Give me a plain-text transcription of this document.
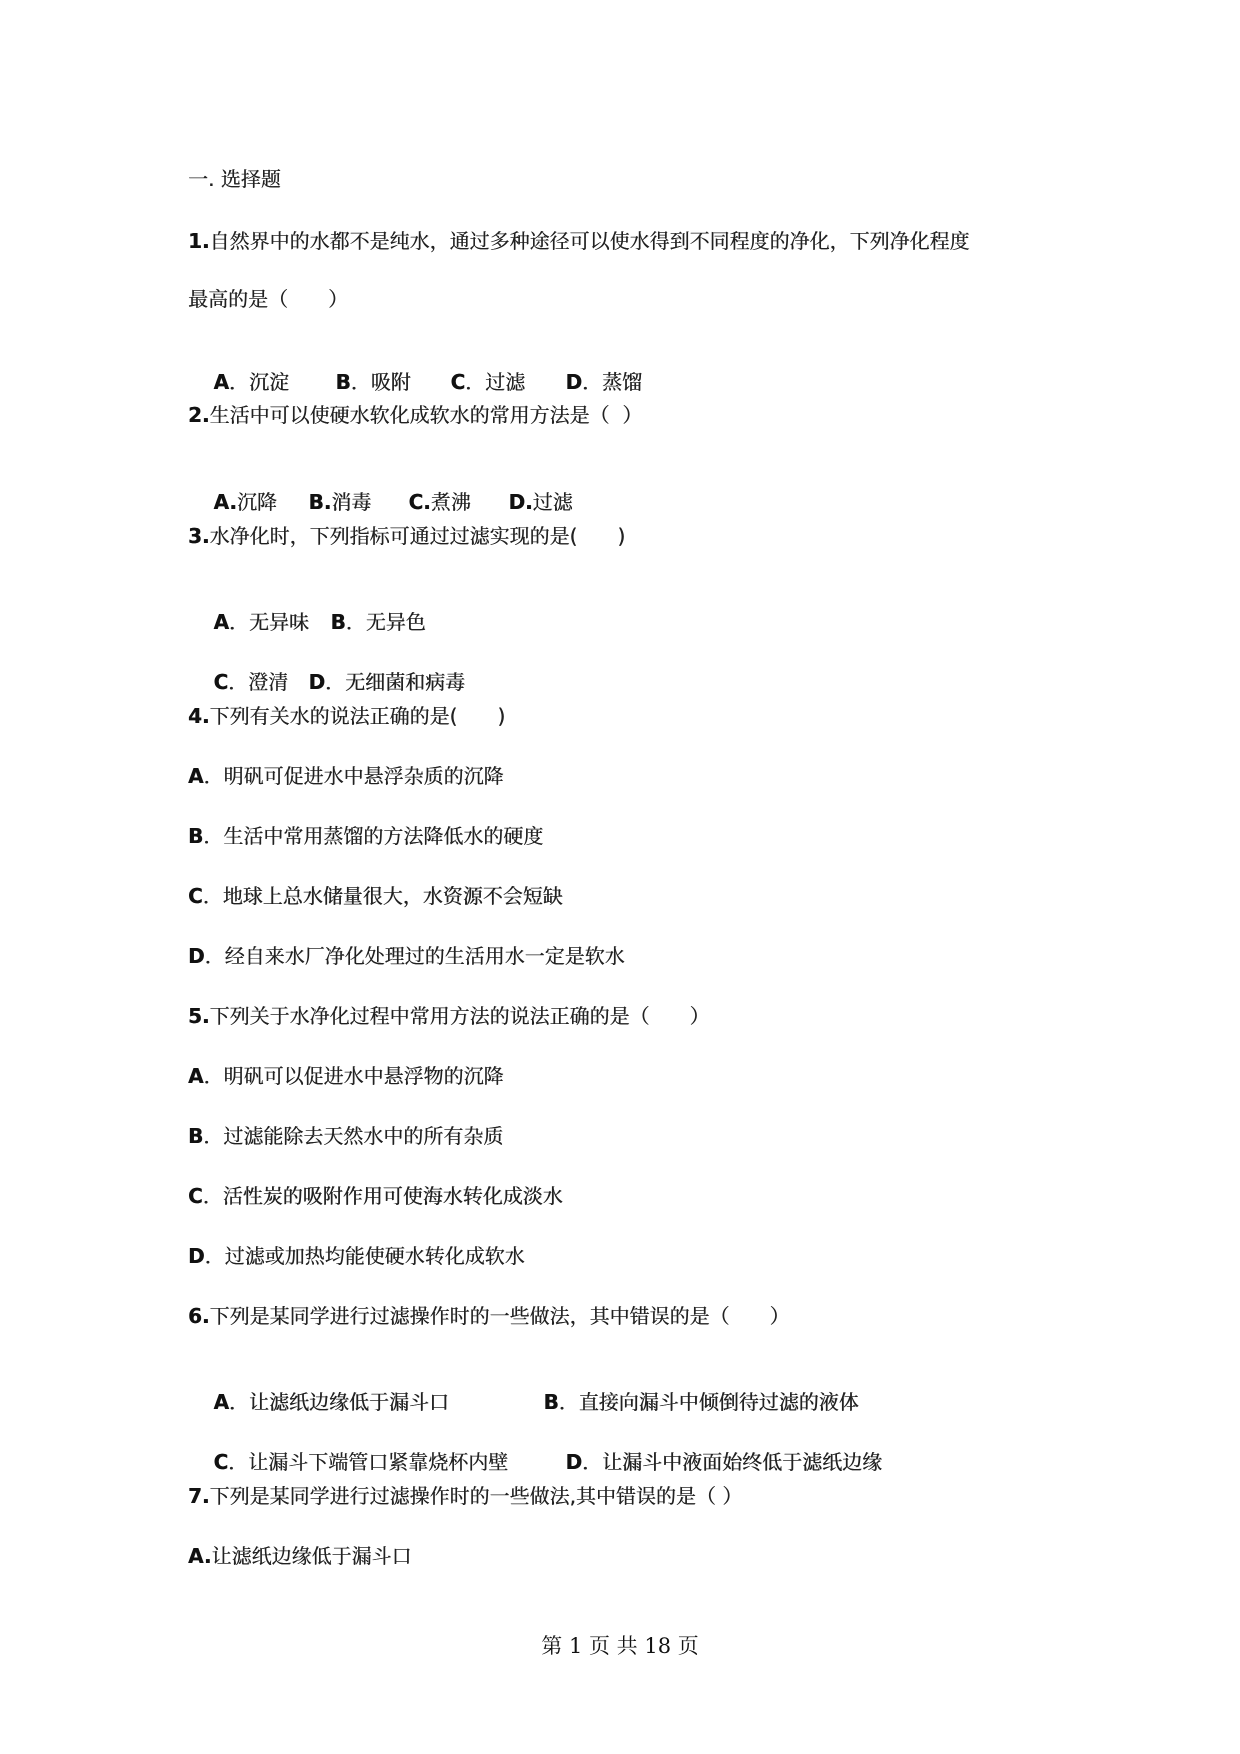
一. 选择题
1.自然界中的水都不是纯水，通过多种途径可以使水得到不同程度的净化，下列净化程度
最高的是（　　）

A．沉淀 B．吸附 C．过滤 D．蒸馏

2.生活中可以使硬水软化成软水的常用方法是（  ）

A.沉降 B.消毒 C.煮沸 D.过滤

3.水净化时，下列指标可通过过滤实现的是(　　)

A．无异味 B．无异色

C．澄清 D．无细菌和病毒

4.下列有关水的说法正确的是(　　)
A．明矾可促进水中悬浮杂质的沉降
B．生活中常用蒸馏的方法降低水的硬度
C．地球上总水储量很大，水资源不会短缺
D．经自来水厂净化处理过的生活用水一定是软水
5.下列关于水净化过程中常用方法的说法正确的是（　　）
A．明矾可以促进水中悬浮物的沉降
B．过滤能除去天然水中的所有杂质
C．活性炭的吸附作用可使海水转化成淡水
D．过滤或加热均能使硬水转化成软水
6.下列是某同学进行过滤操作时的一些做法，其中错误的是（　　）

A．让滤纸边缘低于漏斗口	B．直接向漏斗中倾倒待过滤的液体

C．让漏斗下端管口紧靠烧杯内壁	D．让漏斗中液面始终低于滤纸边缘

7.下列是某同学进行过滤操作时的一些做法,其中错误的是（ ）
A.让滤纸边缘低于漏斗口
第 1 页 共 18 页
